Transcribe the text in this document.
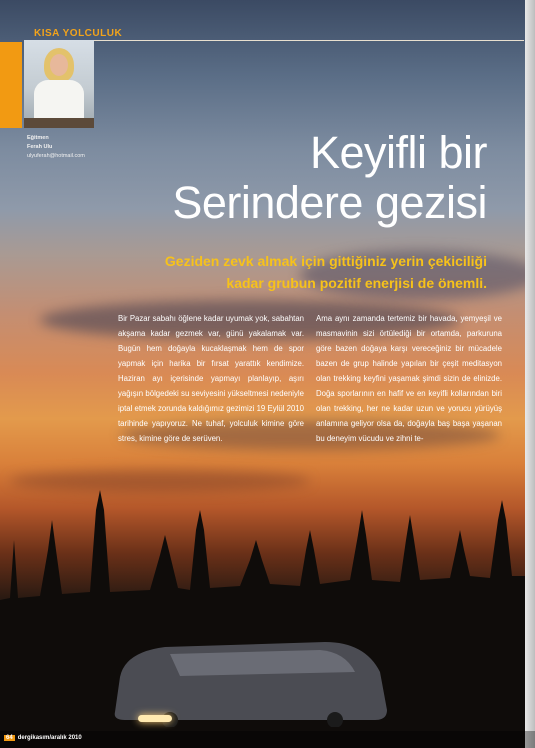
KISA YOLCULUK
Eğitmen
Ferah Ulu
ulyuferah@hotmail.com	Keyifli bir
Serindere gezisi
Geziden zevk almak için gittiğiniz yerin çekiciliği kadar grubun pozitif enerjisi de önemli.
Bir Pazar sabahı öğlene kadar uyumak yok, sabahtan akşama kadar gezmek var, günü yakalamak var. Bugün hem doğayla kucaklaşmak hem de spor yapmak için harika bir fırsat yarattık kendimize. Haziran ayı içerisinde yapmayı planlayıp, aşırı yağışın bölgedeki su seviyesini yükseltmesi nedeniyle iptal etmek zorunda kaldığımız gezimizi 19 Eylül 2010 tarihinde yapıyoruz. Ne tuhaf, yolculuk kimine göre stres, kimine göre de serüven.
Ama aynı zamanda tertemiz bir havada, yemyeşil ve masmavinin sizi örtülediği bir ortamda, parkuruna göre bazen doğaya karşı vereceğiniz bir mücadele bazen de grup halinde yapılan bir çeşit meditasyon olan trekking keyfini yaşamak şimdi sizin de elinizde. Doğa sporlarının en hafif ve en keyifli kollarından biri olan trekking, her ne kadar uzun ve yorucu yürüyüş anlamına geliyor olsa da, doğayla baş başa yaşanan bu deneyim vücudu ve zihni te-
64 dergikasım/aralık 2010
